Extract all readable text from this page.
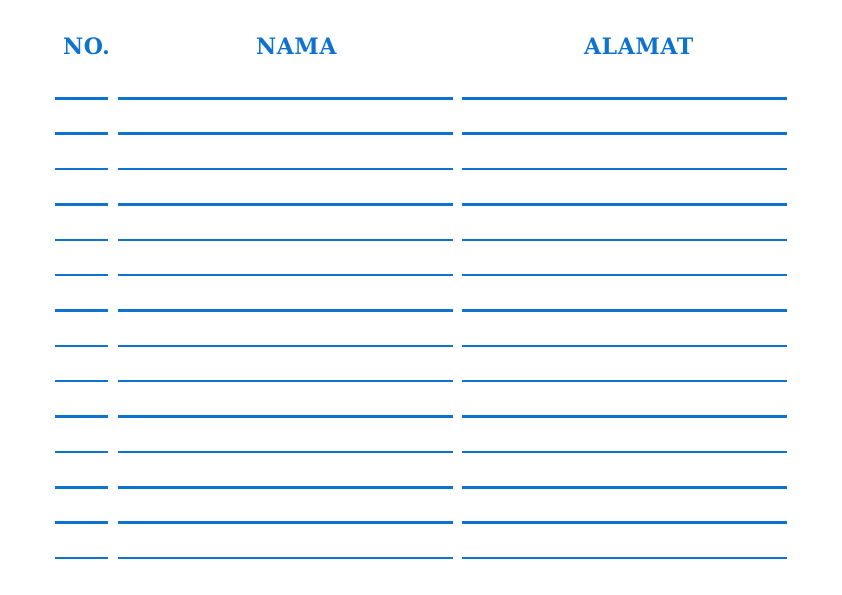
NO.	NAMA	ALAMAT
